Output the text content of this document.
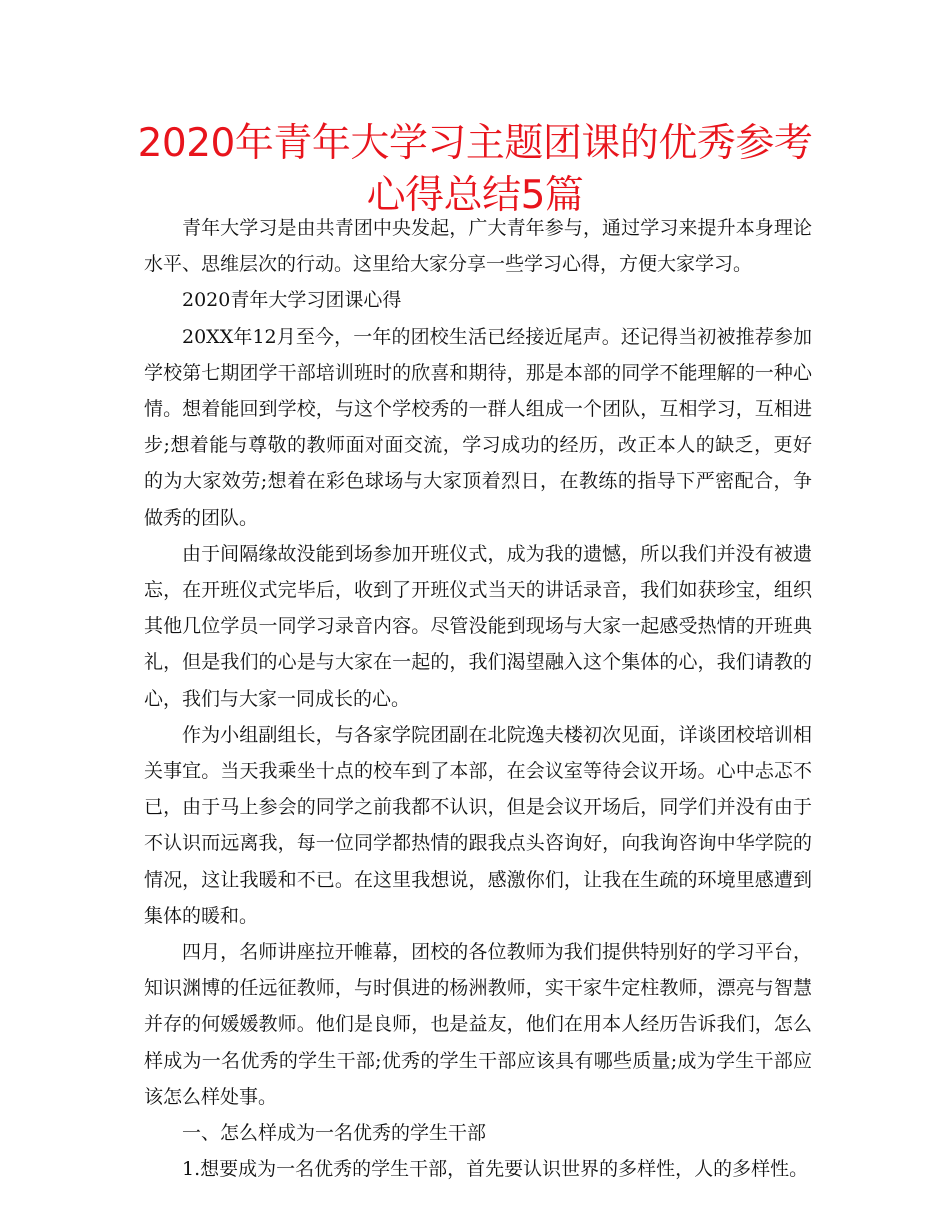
2020年青年大学习主题团课的优秀参考心得总结5篇

青年大学习是由共青团中央发起，广大青年参与，通过学习来提升本身理论水平、思维层次的行动。这里给大家分享一些学习心得，方便大家学习。

2020青年大学习团课心得

20XX年12月至今，一年的团校生活已经接近尾声。还记得当初被推荐参加学校第七期团学干部培训班时的欣喜和期待，那是本部的同学不能理解的一种心情。想着能回到学校，与这个学校秀的一群人组成一个团队，互相学习，互相进步;想着能与尊敬的教师面对面交流，学习成功的经历，改正本人的缺乏，更好的为大家效劳;想着在彩色球场与大家顶着烈日，在教练的指导下严密配合，争做秀的团队。

由于间隔缘故没能到场参加开班仪式，成为我的遗憾，所以我们并没有被遗忘，在开班仪式完毕后，收到了开班仪式当天的讲话录音，我们如获珍宝，组织其他几位学员一同学习录音内容。尽管没能到现场与大家一起感受热情的开班典礼，但是我们的心是与大家在一起的，我们渴望融入这个集体的心，我们请教的心，我们与大家一同成长的心。

作为小组副组长，与各家学院团副在北院逸夫楼初次见面，详谈团校培训相关事宜。当天我乘坐十点的校车到了本部，在会议室等待会议开场。心中忐忑不已，由于马上参会的同学之前我都不认识，但是会议开场后，同学们并没有由于不认识而远离我，每一位同学都热情的跟我点头咨询好，向我询咨询中华学院的情况，这让我暖和不已。在这里我想说，感激你们，让我在生疏的环境里感遭到集体的暖和。

四月，名师讲座拉开帷幕，团校的各位教师为我们提供特别好的学习平台，知识渊博的任远征教师，与时俱进的杨洲教师，实干家牛定柱教师，漂亮与智慧并存的何媛媛教师。他们是良师，也是益友，他们在用本人经历告诉我们，怎么样成为一名优秀的学生干部;优秀的学生干部应该具有哪些质量;成为学生干部应该怎么样处事。

一、怎么样成为一名优秀的学生干部

1.想要成为一名优秀的学生干部，首先要认识世界的多样性，人的多样性。
